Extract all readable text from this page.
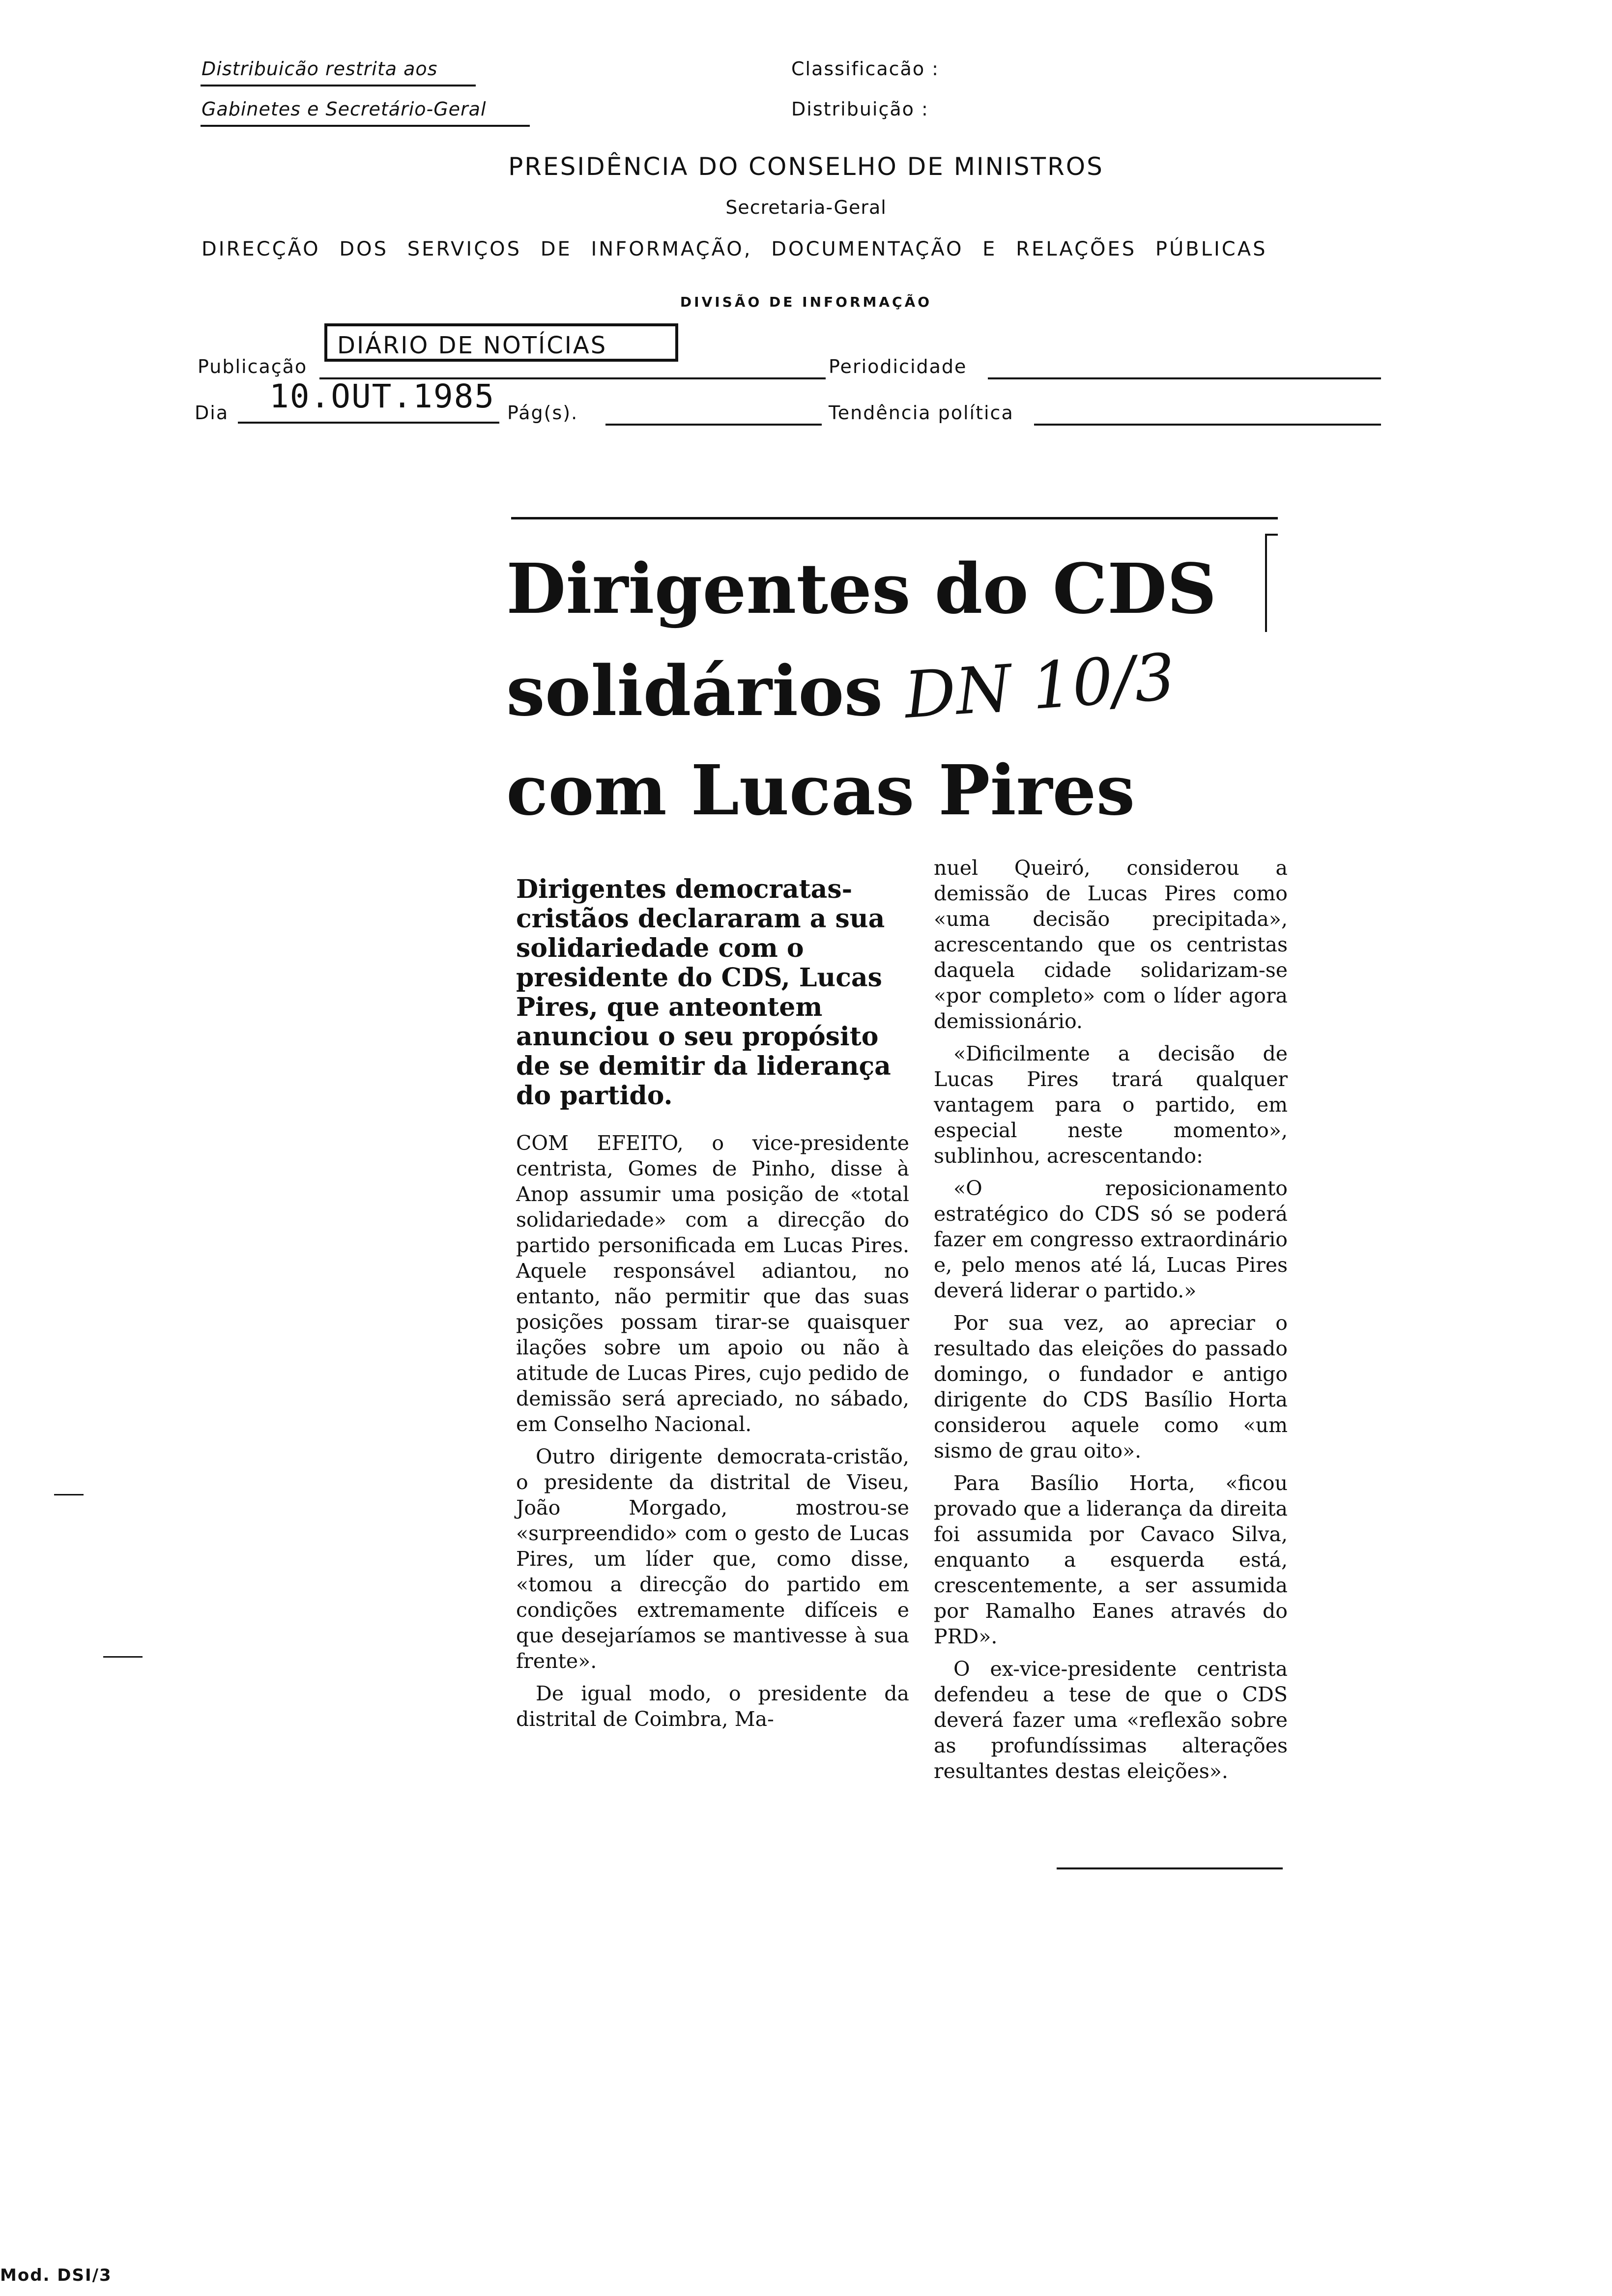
Distribuicão restrita aos
Gabinetes e Secretário-Geral
Classificacão :
Distribuição :
PRESIDÊNCIA DO CONSELHO DE MINISTROS
Secretaria-Geral
DIRECÇÃO DOS SERVIÇOS DE INFORMAÇÃO, DOCUMENTAÇÃO E RELAÇÕES PÚBLICAS
DIVISÃO DE INFORMAÇÃO
Publicação
DIÁRIO DE NOTÍCIAS
Periodicidade
Dia 10.OUT.1985 Pág(s).	Tendência política
Dirigentes do CDS
solidários DN 10/3
com Lucas Pires

Dirigentes democratas-cristãos declararam a sua solidariedade com o presidente do CDS, Lucas Pires, que anteontem anunciou o seu propósito de se demitir da liderança do partido.

COM EFEITO, o vice-presidente centrista, Gomes de Pinho, disse à Anop assumir uma posição de «total solidariedade» com a direcção do partido personificada em Lucas Pires. Aquele responsável adiantou, no entanto, não permitir que das suas posições possam tirar-se quaisquer ilações sobre um apoio ou não à atitude de Lucas Pires, cujo pedido de demissão será apreciado, no sábado, em Conselho Nacional.

Outro dirigente democrata-cristão, o presidente da distrital de Viseu, João Morgado, mostrou-se «surpreendido» com o gesto de Lucas Pires, um líder que, como disse, «tomou a direcção do partido em condições extremamente difíceis e que desejaríamos se mantivesse à sua frente».

De igual modo, o presidente da distrital de Coimbra, Ma-

nuel Queiró, considerou a demissão de Lucas Pires como «uma decisão precipitada», acrescentando que os centristas daquela cidade solidarizam-se «por completo» com o líder agora demissionário.

«Dificilmente a decisão de Lucas Pires trará qualquer vantagem para o partido, em especial neste momento», sublinhou, acrescentando:

«O reposicionamento estratégico do CDS só se poderá fazer em congresso extraordinário e, pelo menos até lá, Lucas Pires deverá liderar o partido.»

Por sua vez, ao apreciar o resultado das eleições do passado domingo, o fundador e antigo dirigente do CDS Basílio Horta considerou aquele como «um sismo de grau oito».

Para Basílio Horta, «ficou provado que a liderança da direita foi assumida por Cavaco Silva, enquanto a esquerda está, crescentemente, a ser assumida por Ramalho Eanes através do PRD».

O ex-vice-presidente centrista defendeu a tese de que o CDS deverá fazer uma «reflexão sobre as profundíssimas alterações resultantes destas eleições».

Mod. DSI/3
